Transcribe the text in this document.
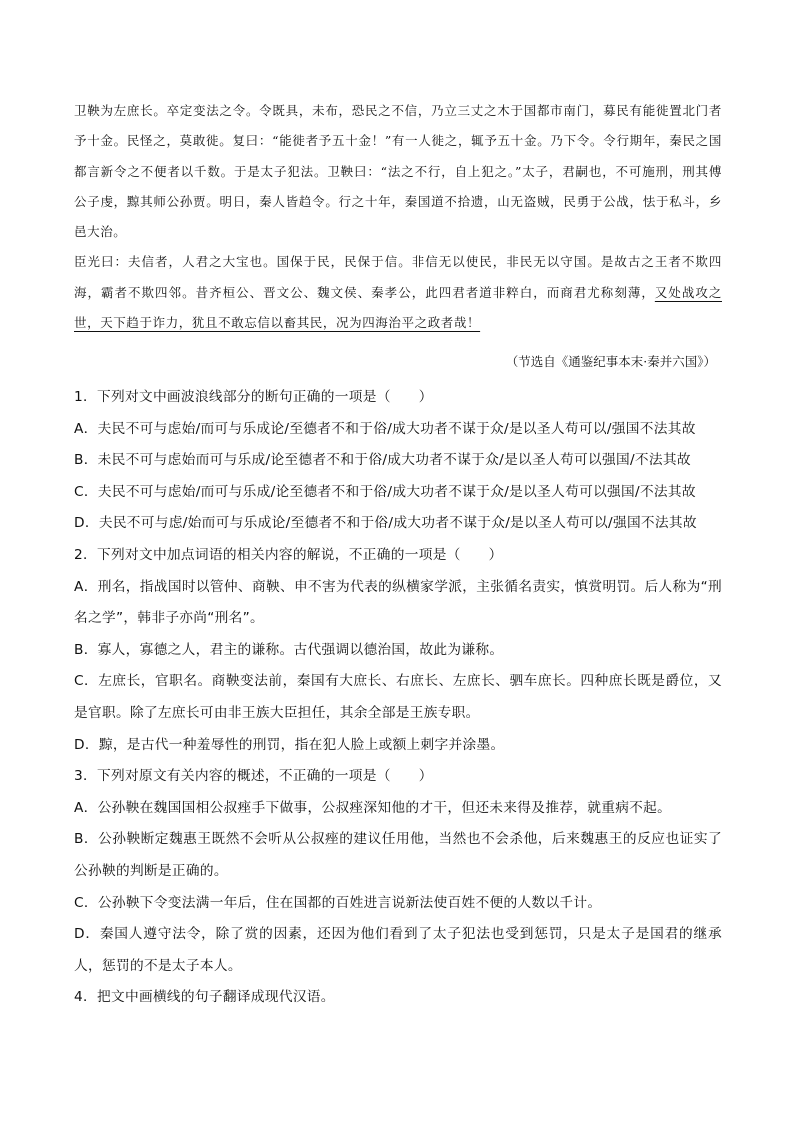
卫鞅为左庶长。卒定变法之令。令既具，未布，恐民之不信，乃立三丈之木于国都市南门，募民有能徙置北门者予十金。民怪之，莫敢徙。复曰：“能徙者予五十金！”有一人徙之，辄予五十金。乃下令。令行期年，秦民之国都言新令之不便者以千数。于是太子犯法。卫鞅曰：“法之不行，自上犯之。”太子，君嗣也，不可施刑，刑其傅公子虔，黥其师公孙贾。明日，秦人皆趋令。行之十年，秦国道不拾遗，山无盗贼，民勇于公战，怯于私斗，乡邑大治。

臣光曰：夫信者，人君之大宝也。国保于民，民保于信。非信无以使民，非民无以守国。是故古之王者不欺四海，霸者不欺四邻。昔齐桓公、晋文公、魏文侯、秦孝公，此四君者道非粹白，而商君尤称刻薄，又处战攻之世，天下趋于诈力，犹且不敢忘信以畜其民，况为四海治平之政者哉！

（节选自《通鉴纪事本末·秦并六国》）

1．下列对文中画波浪线部分的断句正确的一项是（　　）

A．夫民不可与虑始/而可与乐成论/至德者不和于俗/成大功者不谋于众/是以圣人苟可以/强国不法其故

B．未民不可与虑始而可与乐成/论至德者不和于俗/成大功者不谋于众/是以圣人苟可以强国/不法其故

C．夫民不可与虑始/而可与乐成/论至德者不和于俗/成大功者不谋于众/是以圣人苟可以强国/不法其故

D．夫民不可与虑/始而可与乐成论/至德者不和于俗/成大功者不谋于众/是以圣人苟可以/强国不法其故

2．下列对文中加点词语的相关内容的解说，不正确的一项是（　　）

A．刑名，指战国时以管仲、商鞅、申不害为代表的纵横家学派，主张循名责实，慎赏明罚。后人称为“刑名之学”，韩非子亦尚“刑名”。

B．寡人，寡德之人，君主的谦称。古代强调以德治国，故此为谦称。

C．左庶长，官职名。商鞅变法前，秦国有大庶长、右庶长、左庶长、驷车庶长。四种庶长既是爵位，又是官职。除了左庶长可由非王族大臣担任，其余全部是王族专职。

D．黥，是古代一种羞辱性的刑罚，指在犯人脸上或额上刺字并涂墨。

3．下列对原文有关内容的概述，不正确的一项是（　　）

A．公孙鞅在魏国国相公叔痤手下做事，公叔痤深知他的才干，但还未来得及推荐，就重病不起。

B．公孙鞅断定魏惠王既然不会听从公叔痤的建议任用他，当然也不会杀他，后来魏惠王的反应也证实了公孙鞅的判断是正确的。

C．公孙鞅下令变法满一年后，住在国都的百姓进言说新法使百姓不便的人数以千计。

D．秦国人遵守法令，除了赏的因素，还因为他们看到了太子犯法也受到惩罚，只是太子是国君的继承人，惩罚的不是太子本人。

4．把文中画横线的句子翻译成现代汉语。
